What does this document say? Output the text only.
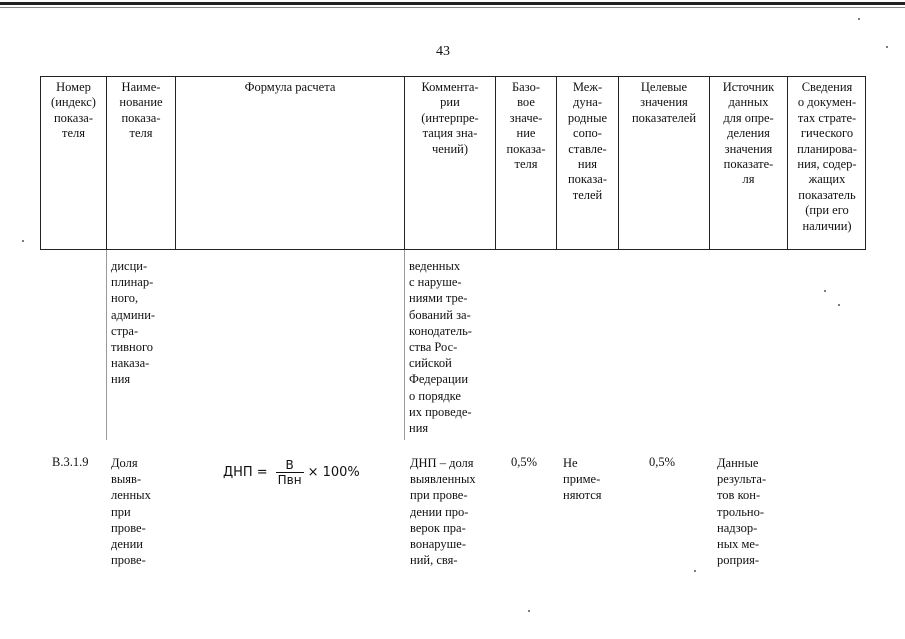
43
Номер
(индекс)
показа-
теля
Наиме-
нование
показа-
теля
Формула расчета	Коммента-
рии
(интерпре-
тация зна-
чений)
Базо-
вое
значе-
ние
показа-
теля
Меж-
дуна-
родные
сопо-
ставле-
ния
показа-
телей
Целевые
значения
показателей
Источник
данных
для опре-
деления
значения
показате-
ля
Сведения
о докумен-
тах страте-
гического
планирова-
ния, содер-
жащих
показатель
(при его
наличии)
дисци-
плинар-
ного,
админи-
стра-
тивного
наказа-
ния
веденных
с наруше-
ниями тре-
бований за-
конодатель-
ства Рос-
сийской
Федерации
о порядке
их проведе-
ния
B.3.1.9 Доля
выяв-
ленных
при
прове-
дении
прове-
ДНП = $\frac{В}{\text{Пвн}} \times 100\%$
ДНП – доля
выявленных
при прове-
дении про-
верок пра-
вонаруше-
ний, свя-
0,5% Не
приме-
няются
0,5%	Данные
результа-
тов кон-
трольно-
надзор-
ных ме-
роприя-
